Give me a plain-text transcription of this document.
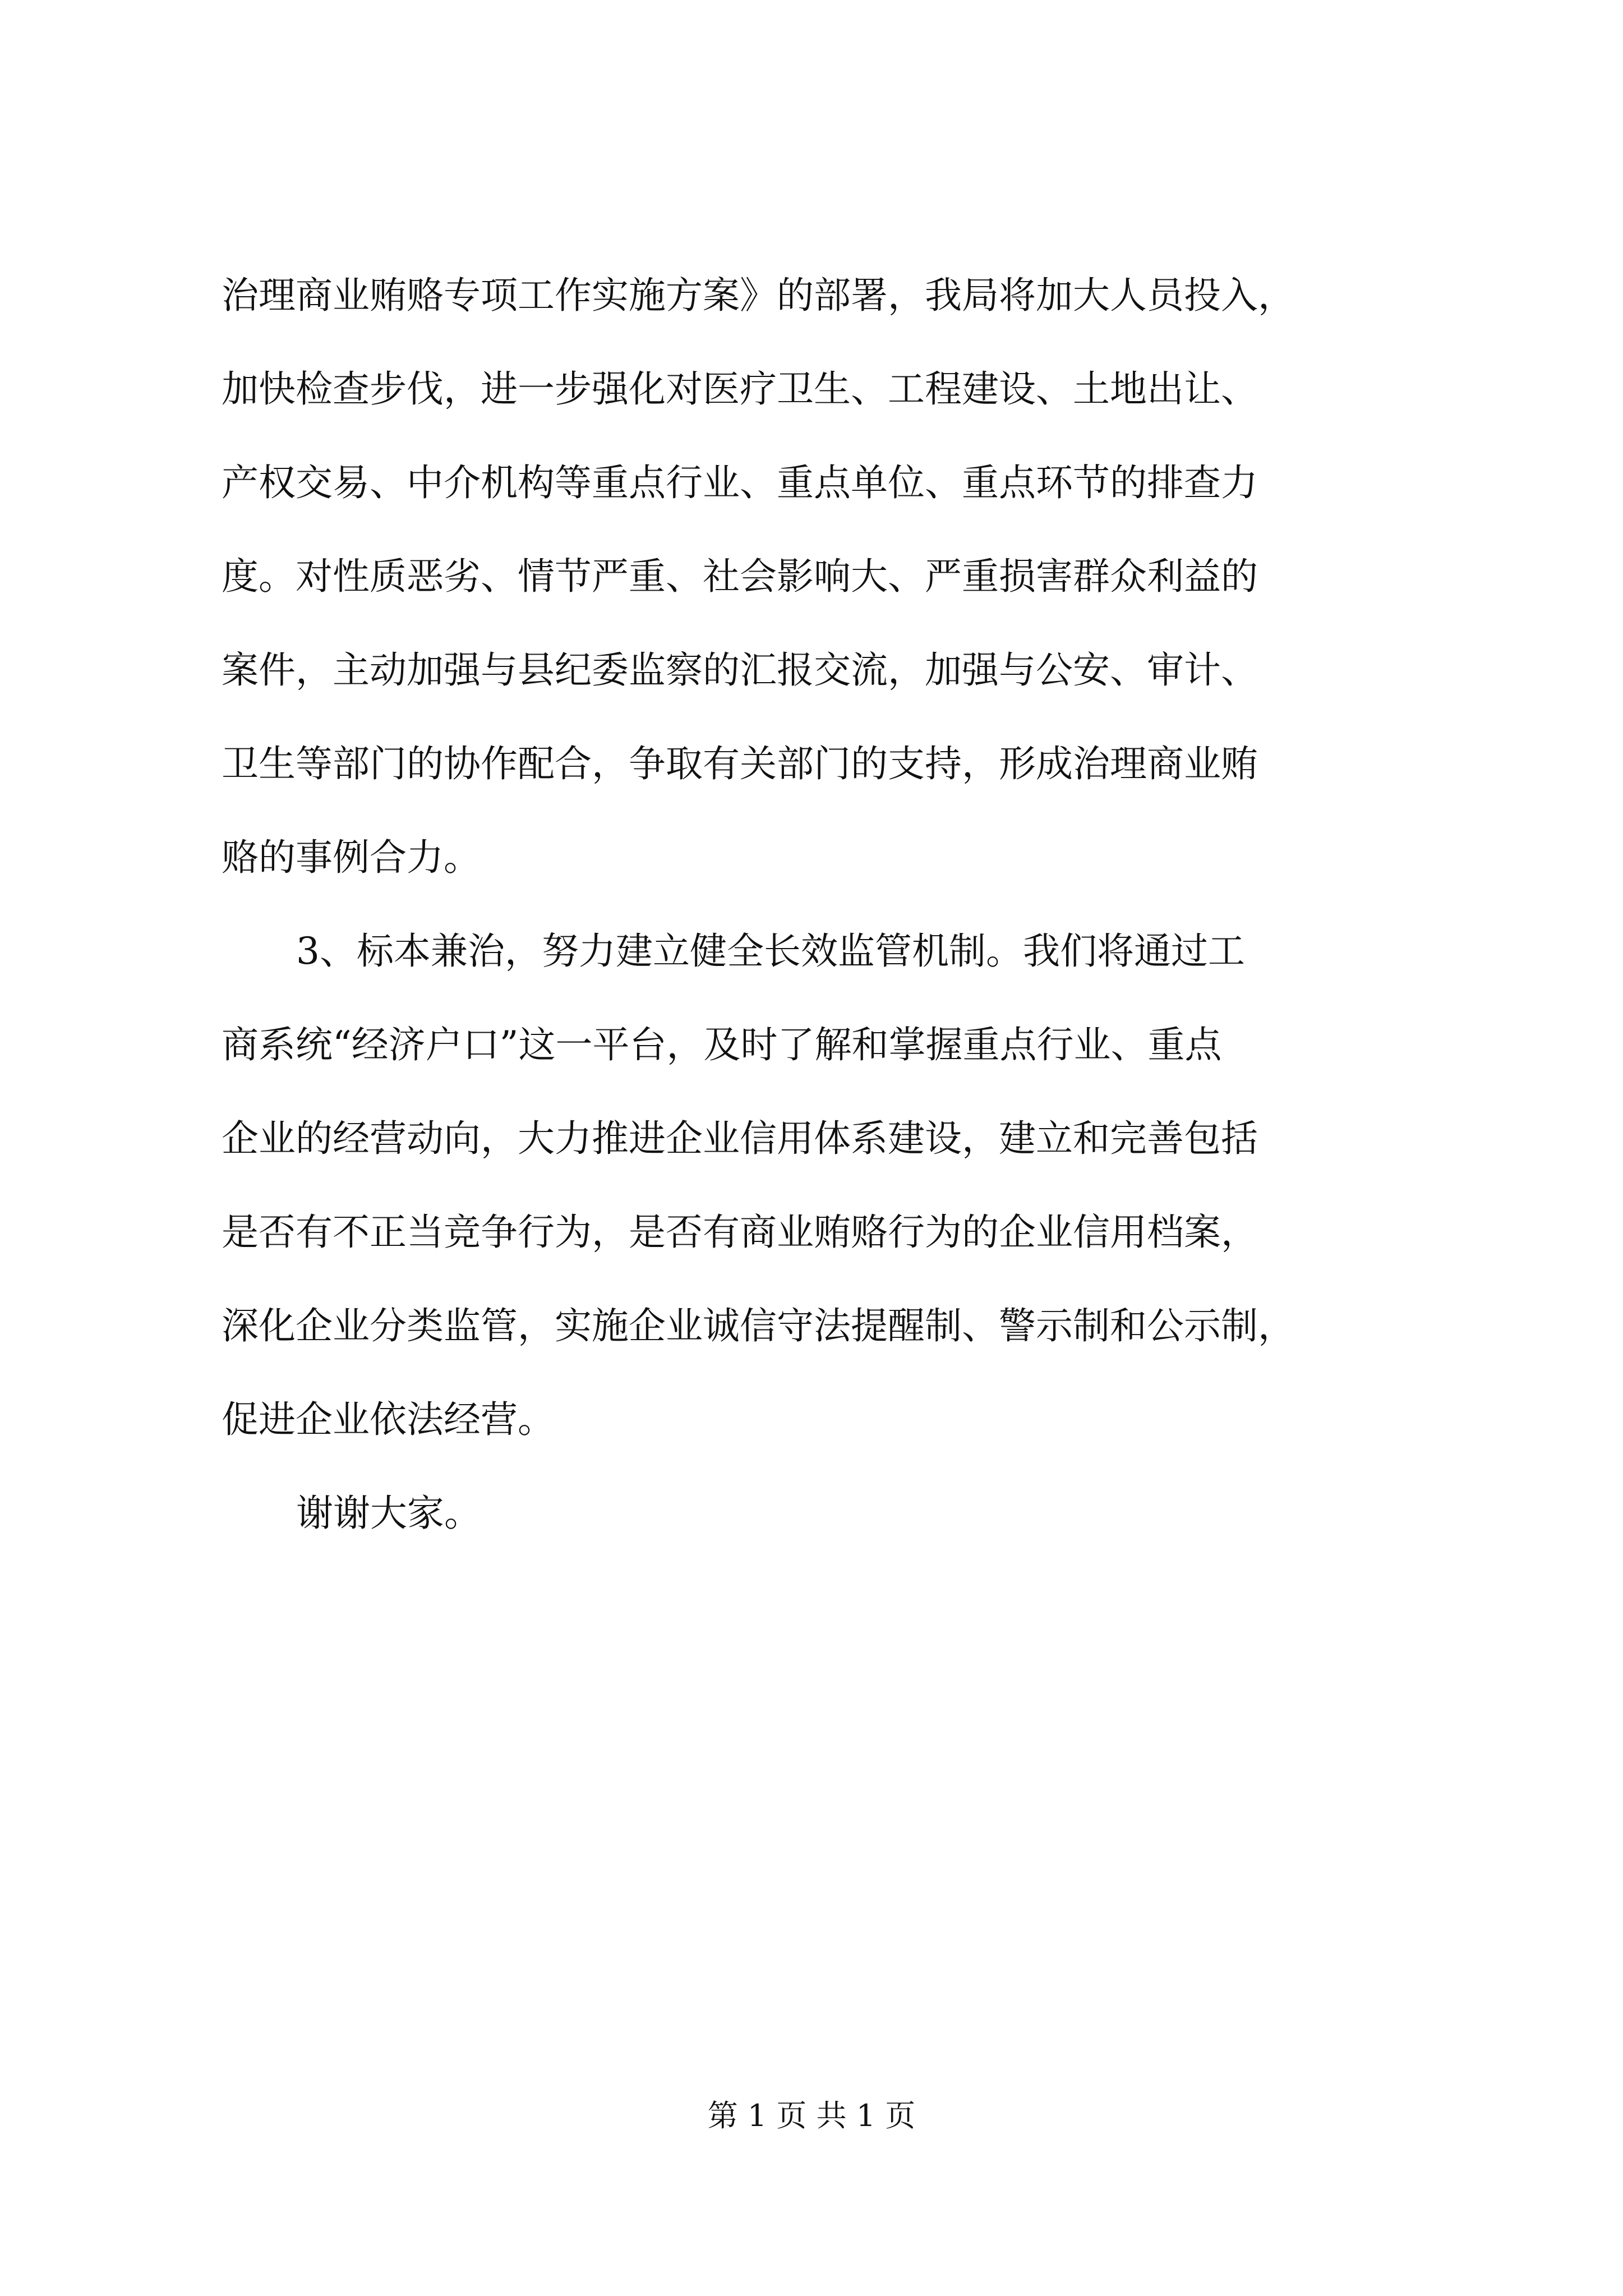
治理商业贿赂专项工作实施方案》的部署，我局将加大人员投入，
加快检查步伐，进一步强化对医疗卫生、工程建设、土地出让、
产权交易、中介机构等重点行业、重点单位、重点环节的排查力
度。对性质恶劣、情节严重、社会影响大、严重损害群众利益的
案件，主动加强与县纪委监察的汇报交流，加强与公安、审计、
卫生等部门的协作配合，争取有关部门的支持，形成治理商业贿
赂的事例合力。
3、标本兼治，努力建立健全长效监管机制。我们将通过工
商系统“经济户口”这一平台，及时了解和掌握重点行业、重点
企业的经营动向，大力推进企业信用体系建设，建立和完善包括
是否有不正当竞争行为，是否有商业贿赂行为的企业信用档案，
深化企业分类监管，实施企业诚信守法提醒制、警示制和公示制，
促进企业依法经营。
谢谢大家。
第 1 页 共 1 页
